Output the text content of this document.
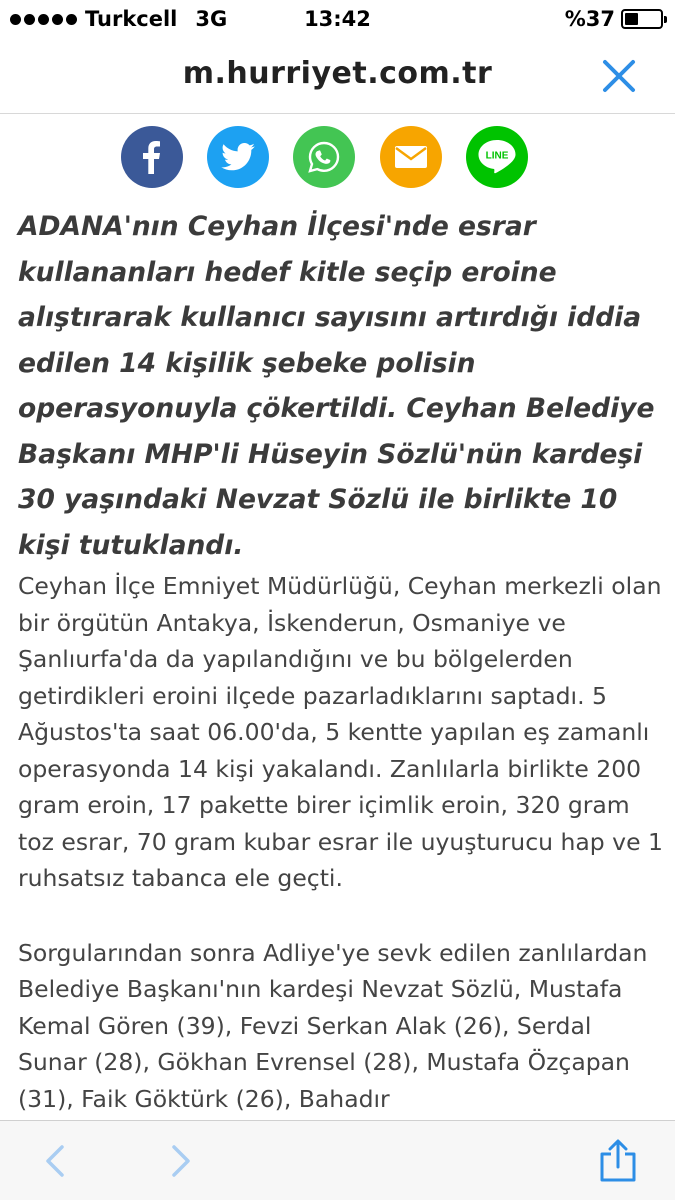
Turkcell 3G	13:42	%37
m.hurriyet.com.tr
LINE

ADANA'nın Ceyhan İlçesi'nde esrar kullananları hedef kitle seçip eroine alıştırarak kullanıcı sayısını artırdığı iddia edilen 14 kişilik şebeke polisin operasyonuyla çökertildi. Ceyhan Belediye Başkanı MHP'li Hüseyin Sözlü'nün kardeşi 30 yaşındaki Nevzat Sözlü ile birlikte 10 kişi tutuklandı.

Ceyhan İlçe Emniyet Müdürlüğü, Ceyhan merkezli olan bir örgütün Antakya, İskenderun, Osmaniye ve Şanlıurfa'da da yapılandığını ve bu bölgelerden getirdikleri eroini ilçede pazarladıklarını saptadı. 5 Ağustos'ta saat 06.00'da, 5 kentte yapılan eş zamanlı operasyonda 14 kişi yakalandı. Zanlılarla birlikte 200 gram eroin, 17 pakette birer içimlik eroin, 320 gram toz esrar, 70 gram kubar esrar ile uyuşturucu hap ve 1 ruhsatsız tabanca ele geçti.

Sorgularından sonra Adliye'ye sevk edilen zanlılardan Belediye Başkanı'nın kardeşi Nevzat Sözlü, Mustafa Kemal Gören (39), Fevzi Serkan Alak (26), Serdal Sunar (28), Gökhan Evrensel (28), Mustafa Özçapan (31), Faik Göktürk (26), Bahadır
